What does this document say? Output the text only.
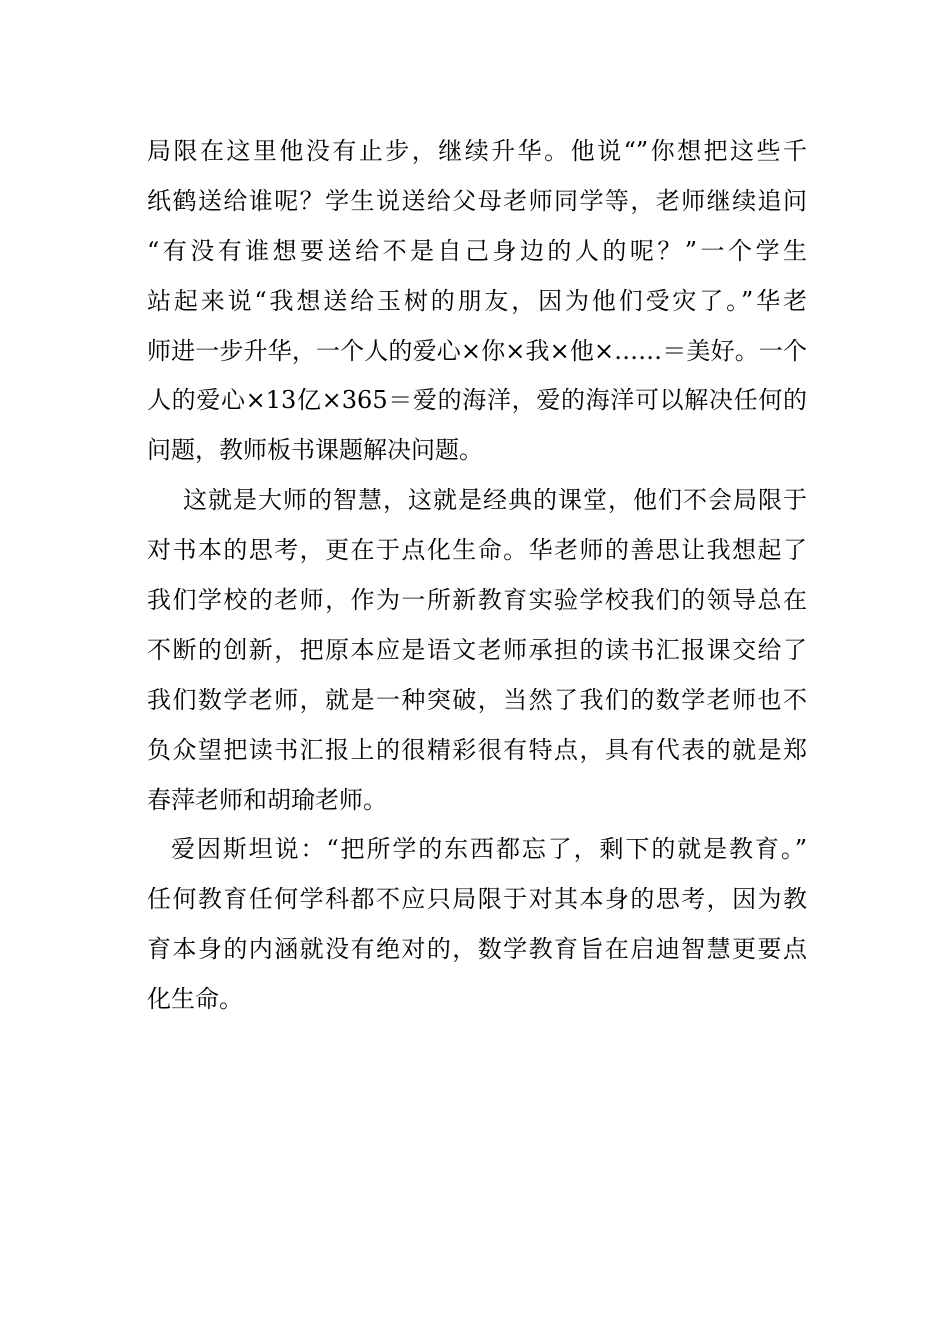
局限在这里他没有止步，继续升华。他说“”你想把这些千
纸鹤送给谁呢？学生说送给父母老师同学等，老师继续追问
“有没有谁想要送给不是自己身边的人的呢？”一个学生
站起来说“我想送给玉树的朋友，因为他们受灾了。”华老
师进一步升华，一个人的爱心×你×我×他×……＝美好。一个
人的爱心×13亿×365＝爱的海洋，爱的海洋可以解决任何的
问题，教师板书课题解决问题。
这就是大师的智慧，这就是经典的课堂，他们不会局限于
对书本的思考，更在于点化生命。华老师的善思让我想起了
我们学校的老师，作为一所新教育实验学校我们的领导总在
不断的创新，把原本应是语文老师承担的读书汇报课交给了
我们数学老师，就是一种突破，当然了我们的数学老师也不
负众望把读书汇报上的很精彩很有特点，具有代表的就是郑
春萍老师和胡瑜老师。
爱因斯坦说：“把所学的东西都忘了，剩下的就是教育。”
任何教育任何学科都不应只局限于对其本身的思考，因为教
育本身的内涵就没有绝对的，数学教育旨在启迪智慧更要点
化生命。
